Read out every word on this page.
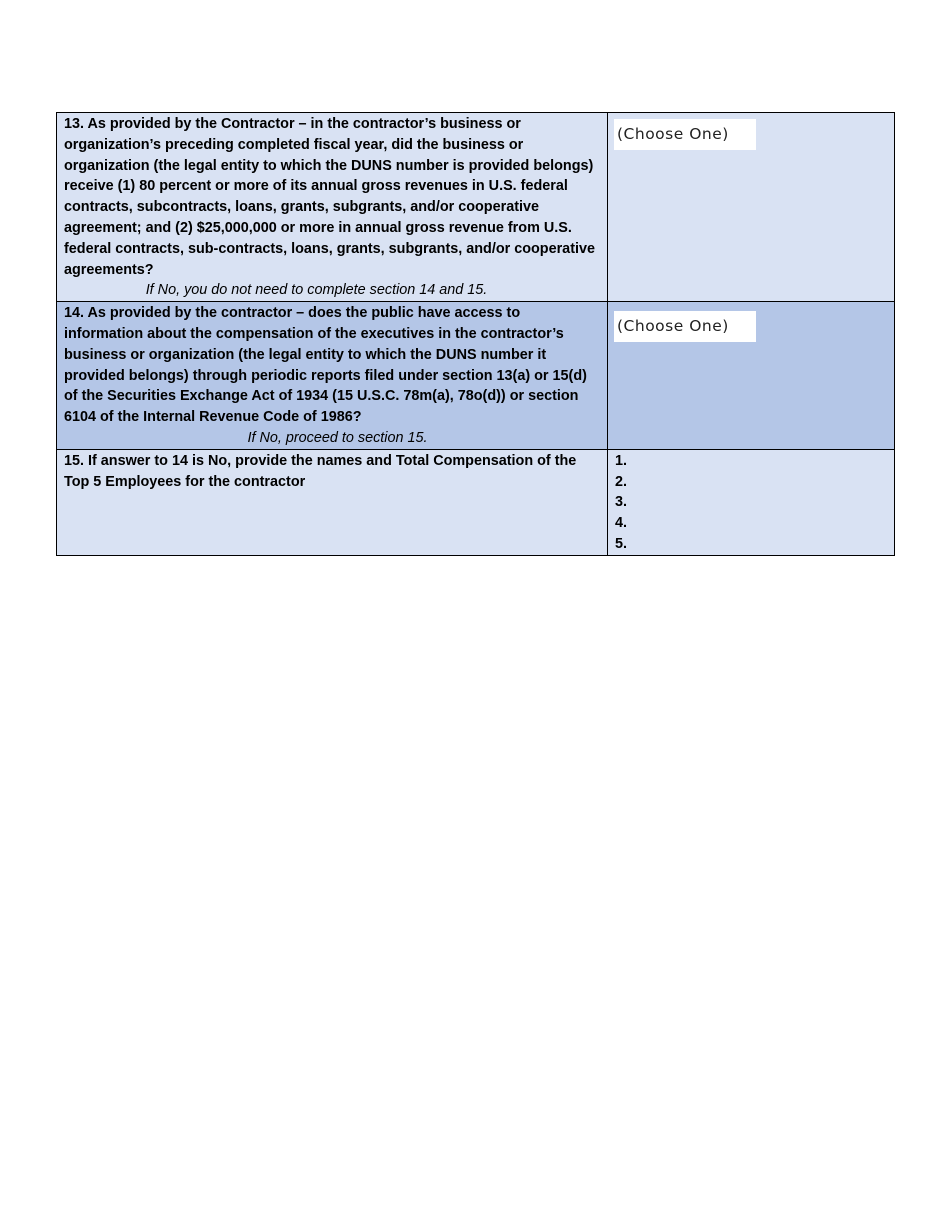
13. As provided by the Contractor – in the contractor’s business or organization’s preceding completed fiscal year, did the business or organization (the legal entity to which the DUNS number is provided belongs) receive (1) 80 percent or more of its annual gross revenues in U.S. federal contracts, subcontracts, loans, grants, subgrants, and/or cooperative agreement; and (2) $25,000,000 or more in annual gross revenue from U.S. federal contracts, sub-contracts, loans, grants, subgrants, and/or cooperative agreements?
If No, you do not need to complete section 14 and 15.	(Choose One)
14. As provided by the contractor – does the public have access to information about the compensation of the executives in the contractor’s business or organization (the legal entity to which the DUNS number it provided belongs) through periodic reports filed under section 13(a) or 15(d) of the Securities Exchange Act of 1934 (15 U.S.C. 78m(a), 78o(d)) or section 6104 of the Internal Revenue Code of 1986?
If No, proceed to section 15.	(Choose One)
15. If answer to 14 is No, provide the names and Total Compensation of the Top 5 Employees for the contractor	1.
2.
3.
4.
5.
